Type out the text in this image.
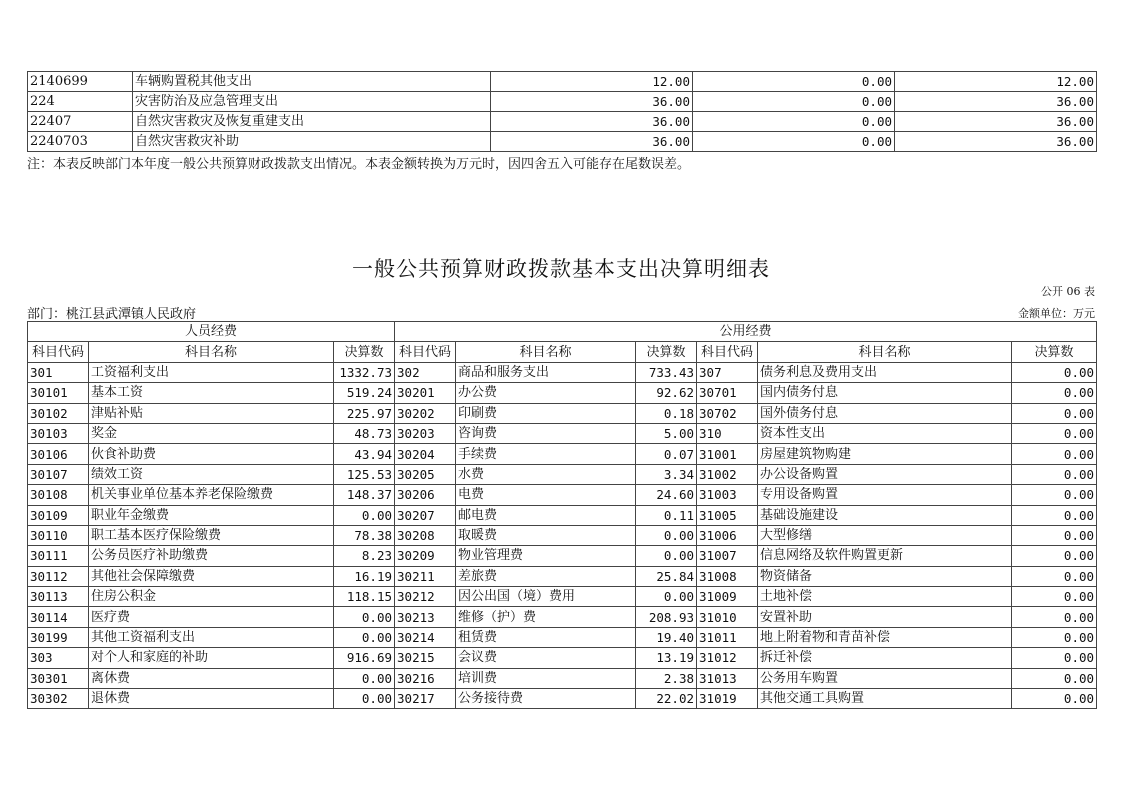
2140699	车辆购置税其他支出	12.00	0.00	12.00
224	灾害防治及应急管理支出	36.00	0.00	36.00
22407	自然灾害救灾及恢复重建支出	36.00	0.00	36.00
2240703	自然灾害救灾补助	36.00	0.00	36.00
注：本表反映部门本年度一般公共预算财政拨款支出情况。本表金额转换为万元时，因四舍五入可能存在尾数误差。
一般公共预算财政拨款基本支出决算明细表
公开 06 表
部门：桃江县武潭镇人民政府	金额单位：万元
人员经费			公用经费					
科目代码	科目名称	决算数	科目代码	科目名称	决算数	科目代码	科目名称	决算数
301	工资福利支出	1332.73	302	商品和服务支出	733.43	307	债务利息及费用支出	0.00
30101	基本工资	519.24	30201	办公费	92.62	30701	国内债务付息	0.00
30102	津贴补贴	225.97	30202	印刷费	0.18	30702	国外债务付息	0.00
30103	奖金	48.73	30203	咨询费	5.00	310	资本性支出	0.00
30106	伙食补助费	43.94	30204	手续费	0.07	31001	房屋建筑物购建	0.00
30107	绩效工资	125.53	30205	水费	3.34	31002	办公设备购置	0.00
30108	机关事业单位基本养老保险缴费	148.37	30206	电费	24.60	31003	专用设备购置	0.00
30109	职业年金缴费	0.00	30207	邮电费	0.11	31005	基础设施建设	0.00
30110	职工基本医疗保险缴费	78.38	30208	取暖费	0.00	31006	大型修缮	0.00
30111	公务员医疗补助缴费	8.23	30209	物业管理费	0.00	31007	信息网络及软件购置更新	0.00
30112	其他社会保障缴费	16.19	30211	差旅费	25.84	31008	物资储备	0.00
30113	住房公积金	118.15	30212	因公出国（境）费用	0.00	31009	土地补偿	0.00
30114	医疗费	0.00	30213	维修（护）费	208.93	31010	安置补助	0.00
30199	其他工资福利支出	0.00	30214	租赁费	19.40	31011	地上附着物和青苗补偿	0.00
303	对个人和家庭的补助	916.69	30215	会议费	13.19	31012	拆迁补偿	0.00
30301	离休费	0.00	30216	培训费	2.38	31013	公务用车购置	0.00
30302	退休费	0.00	30217	公务接待费	22.02	31019	其他交通工具购置	0.00
